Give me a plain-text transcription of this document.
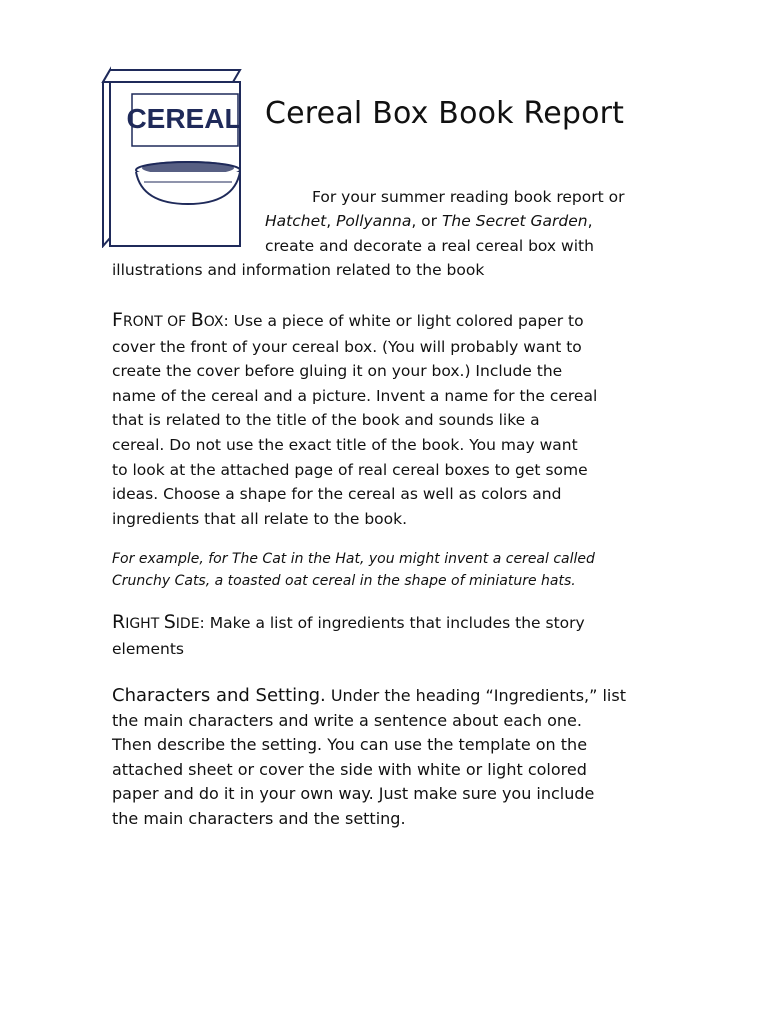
CEREAL Cereal Box Book Report
For your summer reading book report or
Hatchet, Pollyanna, or The Secret Garden,
create and decorate a real cereal box with
illustrations and information related to the book
FRONT OF BOX: Use a piece of white or light colored paper to
cover the front of your cereal box. (You will probably want to
create the cover before gluing it on your box.) Include the
name of the cereal and a picture. Invent a name for the cereal
that is related to the title of the book and sounds like a
cereal. Do not use the exact title of the book. You may want
to look at the attached page of real cereal boxes to get some
ideas. Choose a shape for the cereal as well as colors and
ingredients that all relate to the book.
For example, for The Cat in the Hat, you might invent a cereal called
Crunchy Cats, a toasted oat cereal in the shape of miniature hats.
RIGHT SIDE: Make a list of ingredients that includes the story
elements
Characters and Setting. Under the heading “Ingredients,” list
the main characters and write a sentence about each one.
Then describe the setting. You can use the template on the
attached sheet or cover the side with white or light colored
paper and do it in your own way. Just make sure you include
the main characters and the setting.
